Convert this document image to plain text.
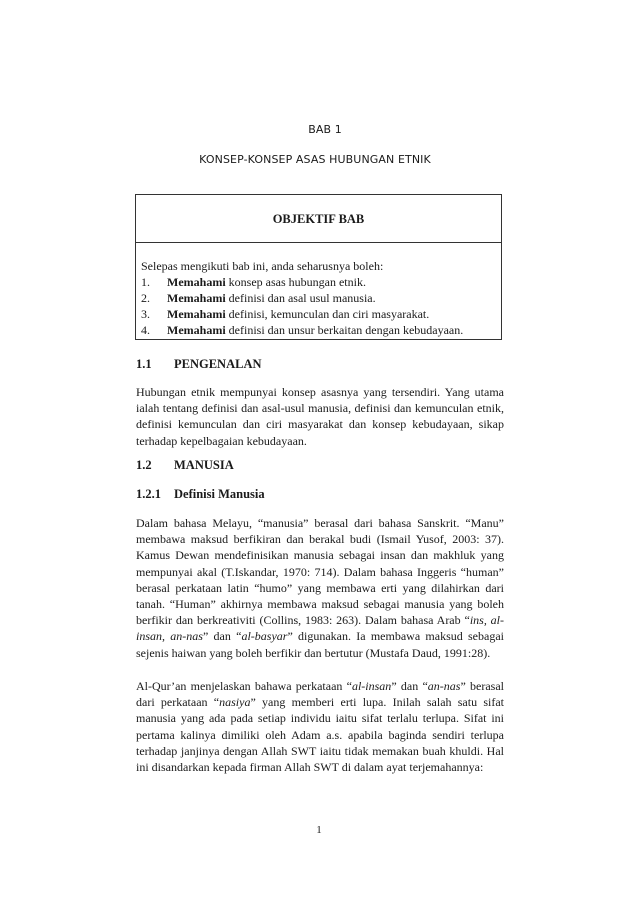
BAB 1
KONSEP-KONSEP ASAS HUBUNGAN ETNIK
OBJEKTIF BAB
Selepas mengikuti bab ini, anda seharusnya boleh:
1.	Memahami konsep asas hubungan etnik.
2.	Memahami definisi dan asal usul manusia.
3.	Memahami definisi, kemunculan dan ciri masyarakat.
4.	Memahami definisi dan unsur berkaitan dengan kebudayaan.
1.1 PENGENALAN
Hubungan etnik mempunyai konsep asasnya yang tersendiri. Yang utama ialah tentang definisi dan asal-usul manusia, definisi dan kemunculan etnik, definisi kemunculan dan ciri masyarakat dan konsep kebudayaan, sikap terhadap kepelbagaian kebudayaan.
1.2 MANUSIA
1.2.1 Definisi Manusia
Dalam bahasa Melayu, “manusia” berasal dari bahasa Sanskrit. “Manu” membawa maksud berfikiran dan berakal budi (Ismail Yusof, 2003: 37). Kamus Dewan mendefinisikan manusia sebagai insan dan makhluk yang mempunyai akal (T.Iskandar, 1970: 714). Dalam bahasa Inggeris “human” berasal perkataan latin “humo” yang membawa erti yang dilahirkan dari tanah. “Human” akhirnya membawa maksud sebagai manusia yang boleh berfikir dan berkreativiti (Collins, 1983: 263). Dalam bahasa Arab “ins, al-insan, an-nas” dan “al-basyar” digunakan. Ia membawa maksud sebagai sejenis haiwan yang boleh berfikir dan bertutur (Mustafa Daud, 1991:28).
Al-Qur’an menjelaskan bahawa perkataan “al-insan” dan “an-nas” berasal dari perkataan “nasiya” yang memberi erti lupa. Inilah salah satu sifat manusia yang ada pada setiap individu iaitu sifat terlalu terlupa. Sifat ini pertama kalinya dimiliki oleh Adam a.s. apabila baginda sendiri terlupa terhadap janjinya dengan Allah SWT iaitu tidak memakan buah khuldi. Hal ini disandarkan kepada firman Allah SWT di dalam ayat terjemahannya:
1
